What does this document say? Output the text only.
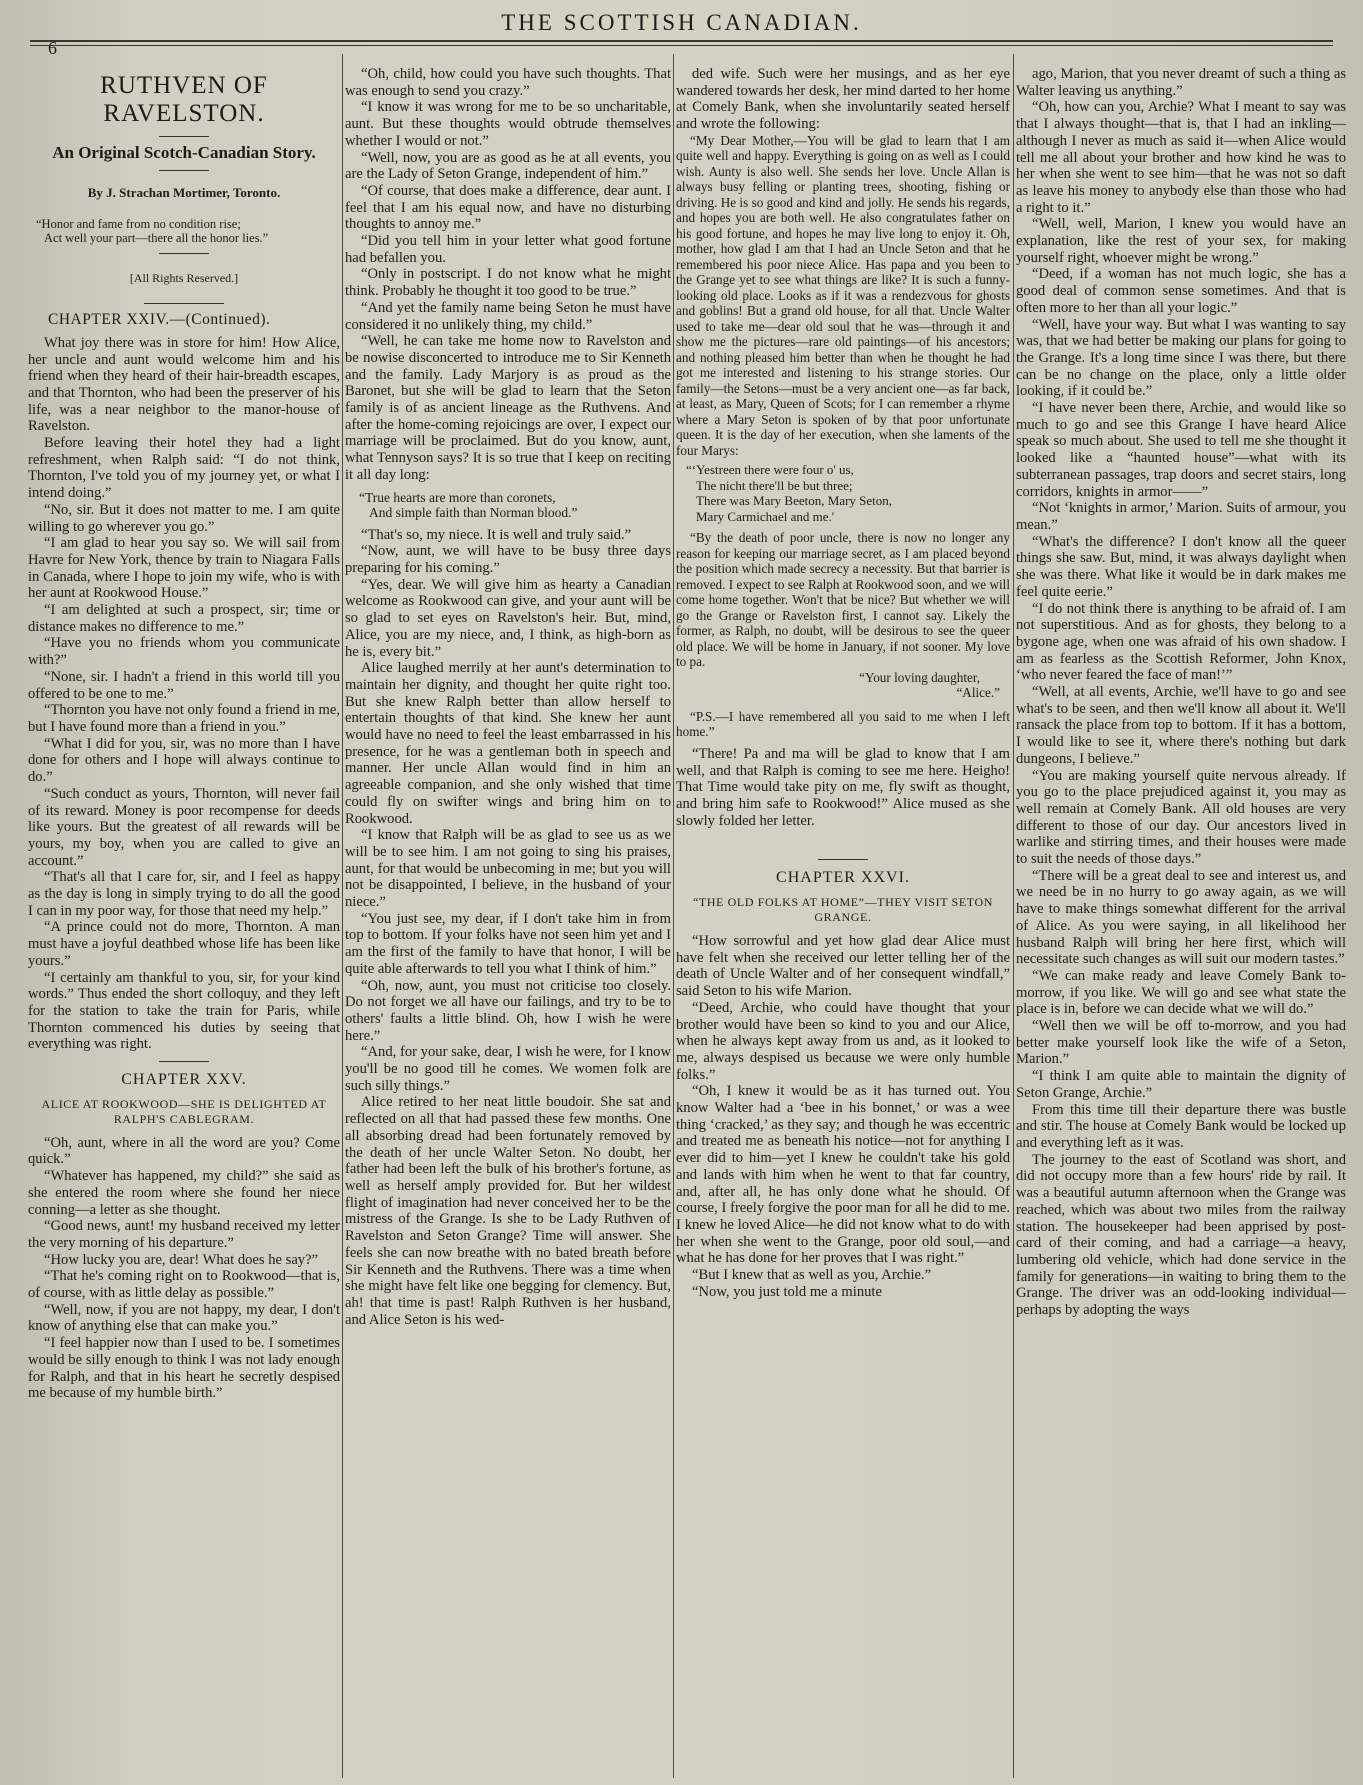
6
THE SCOTTISH CANADIAN.
RUTHVEN OF RAVELSTON.
An Original Scotch-Canadian Story.
By J. Strachan Mortimer, Toronto.
“Honor and fame from no condition rise;
Act well your part—there all the honor lies.”
[All Rights Reserved.]
CHAPTER XXIV.—(Continued).

What joy there was in store for him! How Alice, her uncle and aunt would welcome him and his friend when they heard of their hair-breadth escapes, and that Thornton, who had been the preserver of his life, was a near neighbor to the manor-house of Ravelston.

Before leaving their hotel they had a light refreshment, when Ralph said: “I do not think, Thornton, I've told you of my journey yet, or what I intend doing.”

“No, sir. But it does not matter to me. I am quite willing to go wherever you go.”

“I am glad to hear you say so. We will sail from Havre for New York, thence by train to Niagara Falls in Canada, where I hope to join my wife, who is with her aunt at Rookwood House.”

“I am delighted at such a prospect, sir; time or distance makes no difference to me.”

“Have you no friends whom you communicate with?”

“None, sir. I hadn't a friend in this world till you offered to be one to me.”

“Thornton you have not only found a friend in me, but I have found more than a friend in you.”

“What I did for you, sir, was no more than I have done for others and I hope will always continue to do.”

“Such conduct as yours, Thornton, will never fail of its reward. Money is poor recompense for deeds like yours. But the greatest of all rewards will be yours, my boy, when you are called to give an account.”

“That's all that I care for, sir, and I feel as happy as the day is long in simply trying to do all the good I can in my poor way, for those that need my help.”

“A prince could not do more, Thornton. A man must have a joyful deathbed whose life has been like yours.”

“I certainly am thankful to you, sir, for your kind words.” Thus ended the short colloquy, and they left for the station to take the train for Paris, while Thornton commenced his duties by seeing that everything was right.

CHAPTER XXV.
ALICE AT ROOKWOOD—SHE IS DELIGHTED AT RALPH'S CABLEGRAM.

“Oh, aunt, where in all the word are you? Come quick.”

“Whatever has happened, my child?” she said as she entered the room where she found her niece conning—a letter as she thought.

“Good news, aunt! my husband received my letter the very morning of his departure.”

“How lucky you are, dear! What does he say?”

“That he's coming right on to Rookwood—that is, of course, with as little delay as possible.”

“Well, now, if you are not happy, my dear, I don't know of anything else that can make you.”

“I feel happier now than I used to be. I sometimes would be silly enough to think I was not lady enough for Ralph, and that in his heart he secretly despised me because of my humble birth.”

“Oh, child, how could you have such thoughts. That was enough to send you crazy.”

“I know it was wrong for me to be so uncharitable, aunt. But these thoughts would obtrude themselves whether I would or not.”

“Well, now, you are as good as he at all events, you are the Lady of Seton Grange, independent of him.”

“Of course, that does make a difference, dear aunt. I feel that I am his equal now, and have no disturbing thoughts to annoy me.”

“Did you tell him in your letter what good fortune had befallen you.

“Only in postscript. I do not know what he might think. Probably he thought it too good to be true.”

“And yet the family name being Seton he must have considered it no unlikely thing, my child.”

“Well, he can take me home now to Ravelston and be nowise disconcerted to introduce me to Sir Kenneth and the family. Lady Marjory is as proud as the Baronet, but she will be glad to learn that the Seton family is of as ancient lineage as the Ruthvens. And after the home-coming rejoicings are over, I expect our marriage will be proclaimed. But do you know, aunt, what Tennyson says? It is so true that I keep on reciting it all day long:

“True hearts are more than coronets,
And simple faith than Norman blood.”

“That's so, my niece. It is well and truly said.”

“Now, aunt, we will have to be busy three days preparing for his coming.”

“Yes, dear. We will give him as hearty a Canadian welcome as Rookwood can give, and your aunt will be so glad to set eyes on Ravelston's heir. But, mind, Alice, you are my niece, and, I think, as high-born as he is, every bit.”

Alice laughed merrily at her aunt's determination to maintain her dignity, and thought her quite right too. But she knew Ralph better than allow herself to entertain thoughts of that kind. She knew her aunt would have no need to feel the least embarrassed in his presence, for he was a gentleman both in speech and manner. Her uncle Allan would find in him an agreeable companion, and she only wished that time could fly on swifter wings and bring him on to Rookwood.

“I know that Ralph will be as glad to see us as we will be to see him. I am not going to sing his praises, aunt, for that would be unbecoming in me; but you will not be disappointed, I believe, in the husband of your niece.”

“You just see, my dear, if I don't take him in from top to bottom. If your folks have not seen him yet and I am the first of the family to have that honor, I will be quite able afterwards to tell you what I think of him.”

“Oh, now, aunt, you must not criticise too closely. Do not forget we all have our failings, and try to be to others' faults a little blind. Oh, how I wish he were here.”

“And, for your sake, dear, I wish he were, for I know you'll be no good till he comes. We women folk are such silly things.”

Alice retired to her neat little boudoir. She sat and reflected on all that had passed these few months. One all absorbing dread had been fortunately removed by the death of her uncle Walter Seton. No doubt, her father had been left the bulk of his brother's fortune, as well as herself amply provided for. But her wildest flight of imagination had never conceived her to be the mistress of the Grange. Is she to be Lady Ruthven of Ravelston and Seton Grange? Time will answer. She feels she can now breathe with no bated breath before Sir Kenneth and the Ruthvens. There was a time when she might have felt like one begging for clemency. But, ah! that time is past! Ralph Ruthven is her husband, and Alice Seton is his wed-

ded wife. Such were her musings, and as her eye wandered towards her desk, her mind darted to her home at Comely Bank, when she involuntarily seated herself and wrote the following:

“My Dear Mother,—You will be glad to learn that I am quite well and happy. Everything is going on as well as I could wish. Aunty is also well. She sends her love. Uncle Allan is always busy felling or planting trees, shooting, fishing or driving. He is so good and kind and jolly. He sends his regards, and hopes you are both well. He also congratulates father on his good fortune, and hopes he may live long to enjoy it. Oh, mother, how glad I am that I had an Uncle Seton and that he remembered his poor niece Alice. Has papa and you been to the Grange yet to see what things are like? It is such a funny-looking old place. Looks as if it was a rendezvous for ghosts and goblins! But a grand old house, for all that. Uncle Walter used to take me—dear old soul that he was—through it and show me the pictures—rare old paintings—of his ancestors; and nothing pleased him better than when he thought he had got me interested and listening to his strange stories. Our family—the Setons—must be a very ancient one—as far back, at least, as Mary, Queen of Scots; for I can remember a rhyme where a Mary Seton is spoken of by that poor unfortunate queen. It is the day of her execution, when she laments of the four Marys:

“‘Yestreen there were four o' us,
The nicht there'll be but three;
There was Mary Beeton, Mary Seton,
Mary Carmichael and me.'

“By the death of poor uncle, there is now no longer any reason for keeping our marriage secret, as I am placed beyond the position which made secrecy a necessity. But that barrier is removed. I expect to see Ralph at Rookwood soon, and we will come home together. Won't that be nice? But whether we will go the Grange or Ravelston first, I cannot say. Likely the former, as Ralph, no doubt, will be desirous to see the queer old place. We will be home in January, if not sooner. My love to pa.

“Your loving daughter,
“Alice.”

“P.S.—I have remembered all you said to me when I left home.”

“There! Pa and ma will be glad to know that I am well, and that Ralph is coming to see me here. Heigho! That Time would take pity on me, fly swift as thought, and bring him safe to Rookwood!” Alice mused as she slowly folded her letter.

CHAPTER XXVI.
“THE OLD FOLKS AT HOME”—THEY VISIT SETON GRANGE.

“How sorrowful and yet how glad dear Alice must have felt when she received our letter telling her of the death of Uncle Walter and of her consequent windfall,” said Seton to his wife Marion.

“Deed, Archie, who could have thought that your brother would have been so kind to you and our Alice, when he always kept away from us and, as it looked to me, always despised us because we were only humble folks.”

“Oh, I knew it would be as it has turned out. You know Walter had a ‘bee in his bonnet,’ or was a wee thing ‘cracked,’ as they say; and though he was eccentric and treated me as beneath his notice—not for anything I ever did to him—yet I knew he couldn't take his gold and lands with him when he went to that far country, and, after all, he has only done what he should. Of course, I freely forgive the poor man for all he did to me. I knew he loved Alice—he did not know what to do with her when she went to the Grange, poor old soul,—and what he has done for her proves that I was right.”

“But I knew that as well as you, Archie.”

“Now, you just told me a minute

ago, Marion, that you never dreamt of such a thing as Walter leaving us anything.”

“Oh, how can you, Archie? What I meant to say was that I always thought—that is, that I had an inkling—although I never as much as said it—when Alice would tell me all about your brother and how kind he was to her when she went to see him—that he was not so daft as leave his money to anybody else than those who had a right to it.”

“Well, well, Marion, I knew you would have an explanation, like the rest of your sex, for making yourself right, whoever might be wrong.”

“Deed, if a woman has not much logic, she has a good deal of common sense sometimes. And that is often more to her than all your logic.”

“Well, have your way. But what I was wanting to say was, that we had better be making our plans for going to the Grange. It's a long time since I was there, but there can be no change on the place, only a little older looking, if it could be.”

“I have never been there, Archie, and would like so much to go and see this Grange I have heard Alice speak so much about. She used to tell me she thought it looked like a “haunted house”—what with its subterranean passages, trap doors and secret stairs, long corridors, knights in armor——”

“Not ‘knights in armor,’ Marion. Suits of armour, you mean.”

“What's the difference? I don't know all the queer things she saw. But, mind, it was always daylight when she was there. What like it would be in dark makes me feel quite eerie.”

“I do not think there is anything to be afraid of. I am not superstitious. And as for ghosts, they belong to a bygone age, when one was afraid of his own shadow. I am as fearless as the Scottish Reformer, John Knox, ‘who never feared the face of man!’”

“Well, at all events, Archie, we'll have to go and see what's to be seen, and then we'll know all about it. We'll ransack the place from top to bottom. If it has a bottom, I would like to see it, where there's nothing but dark dungeons, I believe.”

“You are making yourself quite nervous already. If you go to the place prejudiced against it, you may as well remain at Comely Bank. All old houses are very different to those of our day. Our ancestors lived in warlike and stirring times, and their houses were made to suit the needs of those days.”

“There will be a great deal to see and interest us, and we need be in no hurry to go away again, as we will have to make things somewhat different for the arrival of Alice. As you were saying, in all likelihood her husband Ralph will bring her here first, which will necessitate such changes as will suit our modern tastes.”

“We can make ready and leave Comely Bank to-morrow, if you like. We will go and see what state the place is in, before we can decide what we will do.”

“Well then we will be off to-morrow, and you had better make yourself look like the wife of a Seton, Marion.”

“I think I am quite able to maintain the dignity of Seton Grange, Archie.”

From this time till their departure there was bustle and stir. The house at Comely Bank would be locked up and everything left as it was.

The journey to the east of Scotland was short, and did not occupy more than a few hours' ride by rail. It was a beautiful autumn afternoon when the Grange was reached, which was about two miles from the railway station. The housekeeper had been apprised by post-card of their coming, and had a carriage—a heavy, lumbering old vehicle, which had done service in the family for generations—in waiting to bring them to the Grange. The driver was an odd-looking individual—perhaps by adopting the ways
